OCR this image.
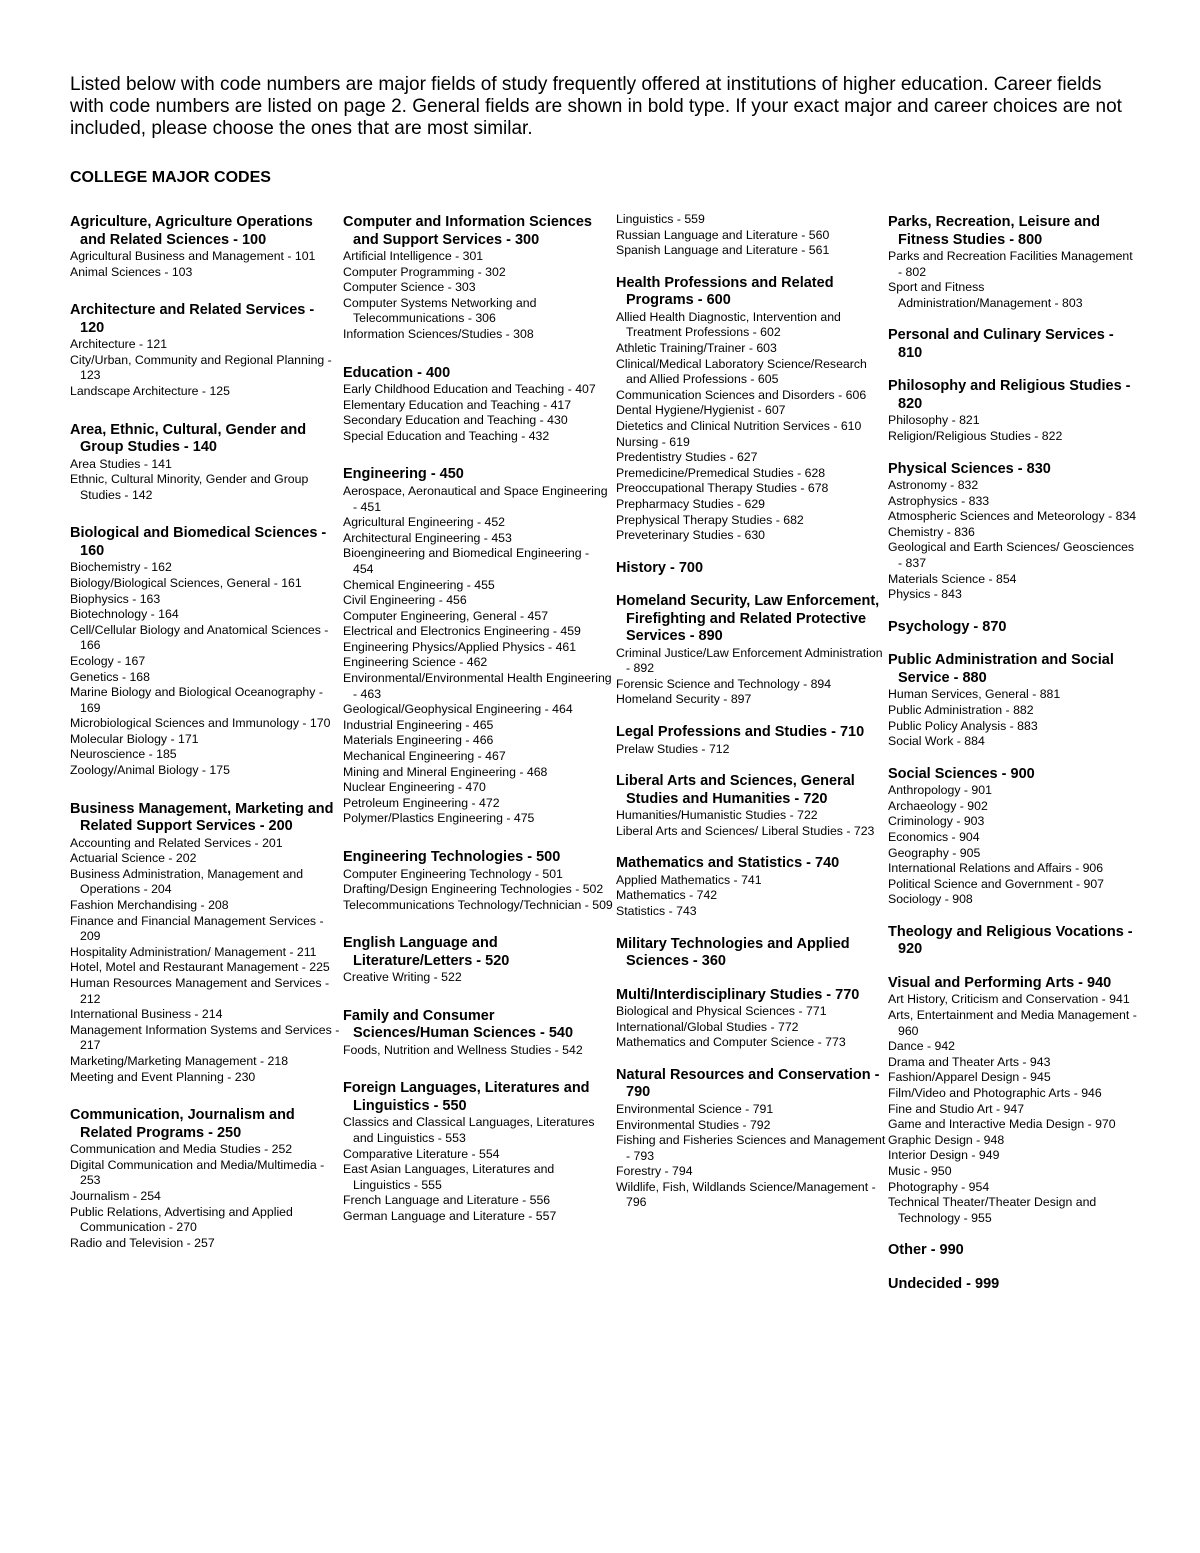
Listed below with code numbers are major fields of study frequently offered at institutions of higher education. Career fields with code numbers are listed on page 2. General fields are shown in bold type. If your exact major and career choices are not included, please choose the ones that are most similar.

COLLEGE MAJOR CODES

Agriculture, Agriculture Operations and Related Sciences - 100

Agricultural Business and Management - 101
Animal Sciences - 103

Architecture and Related Services - 120

Architecture - 121
City/Urban, Community and Regional Planning - 123
Landscape Architecture - 125

Area, Ethnic, Cultural, Gender and Group Studies - 140

Area Studies - 141
Ethnic, Cultural Minority, Gender and Group Studies - 142

Biological and Biomedical Sciences - 160

Biochemistry - 162
Biology/Biological Sciences, General - 161
Biophysics - 163
Biotechnology - 164
Cell/Cellular Biology and Anatomical Sciences - 166
Ecology - 167
Genetics - 168
Marine Biology and Biological Oceanography - 169
Microbiological Sciences and Immunology - 170
Molecular Biology - 171
Neuroscience - 185
Zoology/Animal Biology - 175

Business Management, Marketing and Related Support Services - 200

Accounting and Related Services - 201
Actuarial Science - 202
Business Administration, Management and Operations - 204
Fashion Merchandising - 208
Finance and Financial Management Services - 209
Hospitality Administration/ Management - 211
Hotel, Motel and Restaurant Management - 225
Human Resources Management and Services - 212
International Business - 214
Management Information Systems and Services - 217
Marketing/Marketing Management - 218
Meeting and Event Planning - 230

Communication, Journalism and Related Programs - 250

Communication and Media Studies - 252
Digital Communication and Media/Multimedia - 253
Journalism - 254
Public Relations, Advertising and Applied Communication - 270
Radio and Television - 257

Computer and Information Sciences and Support Services - 300

Artificial Intelligence - 301
Computer Programming - 302
Computer Science - 303
Computer Systems Networking and Telecommunications - 306
Information Sciences/Studies - 308

Education - 400

Early Childhood Education and Teaching - 407
Elementary Education and Teaching - 417
Secondary Education and Teaching - 430
Special Education and Teaching - 432

Engineering - 450

Aerospace, Aeronautical and Space Engineering - 451
Agricultural Engineering - 452
Architectural Engineering - 453
Bioengineering and Biomedical Engineering - 454
Chemical Engineering - 455
Civil Engineering - 456
Computer Engineering, General - 457
Electrical and Electronics Engineering - 459
Engineering Physics/Applied Physics - 461
Engineering Science - 462
Environmental/Environmental Health Engineering - 463
Geological/Geophysical Engineering - 464
Industrial Engineering - 465
Materials Engineering - 466
Mechanical Engineering - 467
Mining and Mineral Engineering - 468
Nuclear Engineering - 470
Petroleum Engineering - 472
Polymer/Plastics Engineering - 475

Engineering Technologies - 500

Computer Engineering Technology - 501
Drafting/Design Engineering Technologies - 502
Telecommunications Technology/Technician - 509

English Language and Literature/Letters - 520

Creative Writing - 522

Family and Consumer Sciences/Human Sciences - 540

Foods, Nutrition and Wellness Studies - 542

Foreign Languages, Literatures and Linguistics - 550

Classics and Classical Languages, Literatures and Linguistics - 553
Comparative Literature - 554
East Asian Languages, Literatures and Linguistics - 555
French Language and Literature - 556
German Language and Literature - 557
Linguistics - 559
Russian Language and Literature - 560
Spanish Language and Literature - 561

Health Professions and Related Programs - 600

Allied Health Diagnostic, Intervention and Treatment Professions - 602
Athletic Training/Trainer - 603
Clinical/Medical Laboratory Science/Research and Allied Professions - 605
Communication Sciences and Disorders - 606
Dental Hygiene/Hygienist - 607
Dietetics and Clinical Nutrition Services - 610
Nursing - 619
Predentistry Studies - 627
Premedicine/Premedical Studies - 628
Preoccupational Therapy Studies - 678
Prepharmacy Studies - 629
Prephysical Therapy Studies - 682
Preveterinary Studies - 630

History - 700

Homeland Security, Law Enforcement, Firefighting and Related Protective Services - 890

Criminal Justice/Law Enforcement Administration - 892
Forensic Science and Technology - 894
Homeland Security - 897

Legal Professions and Studies - 710

Prelaw Studies - 712

Liberal Arts and Sciences, General Studies and Humanities - 720

Humanities/Humanistic Studies - 722
Liberal Arts and Sciences/ Liberal Studies - 723

Mathematics and Statistics - 740

Applied Mathematics - 741
Mathematics - 742
Statistics - 743

Military Technologies and Applied Sciences - 360

Multi/Interdisciplinary Studies - 770

Biological and Physical Sciences - 771
International/Global Studies - 772
Mathematics and Computer Science - 773

Natural Resources and Conservation - 790

Environmental Science - 791
Environmental Studies - 792
Fishing and Fisheries Sciences and Management - 793
Forestry - 794
Wildlife, Fish, Wildlands Science/Management - 796

Parks, Recreation, Leisure and Fitness Studies - 800

Parks and Recreation Facilities Management - 802
Sport and Fitness Administration/Management - 803

Personal and Culinary Services - 810

Philosophy and Religious Studies - 820

Philosophy - 821
Religion/Religious Studies - 822

Physical Sciences - 830

Astronomy - 832
Astrophysics - 833
Atmospheric Sciences and Meteorology - 834
Chemistry - 836
Geological and Earth Sciences/ Geosciences - 837
Materials Science - 854
Physics - 843

Psychology - 870

Public Administration and Social Service - 880

Human Services, General - 881
Public Administration - 882
Public Policy Analysis - 883
Social Work - 884

Social Sciences - 900

Anthropology - 901
Archaeology - 902
Criminology - 903
Economics - 904
Geography - 905
International Relations and Affairs - 906
Political Science and Government - 907
Sociology - 908

Theology and Religious Vocations - 920

Visual and Performing Arts - 940

Art History, Criticism and Conservation - 941
Arts, Entertainment and Media Management - 960
Dance - 942
Drama and Theater Arts - 943
Fashion/Apparel Design - 945
Film/Video and Photographic Arts - 946
Fine and Studio Art - 947
Game and Interactive Media Design - 970
Graphic Design - 948
Interior Design - 949
Music - 950
Photography - 954
Technical Theater/Theater Design and Technology - 955

Other - 990

Undecided - 999
